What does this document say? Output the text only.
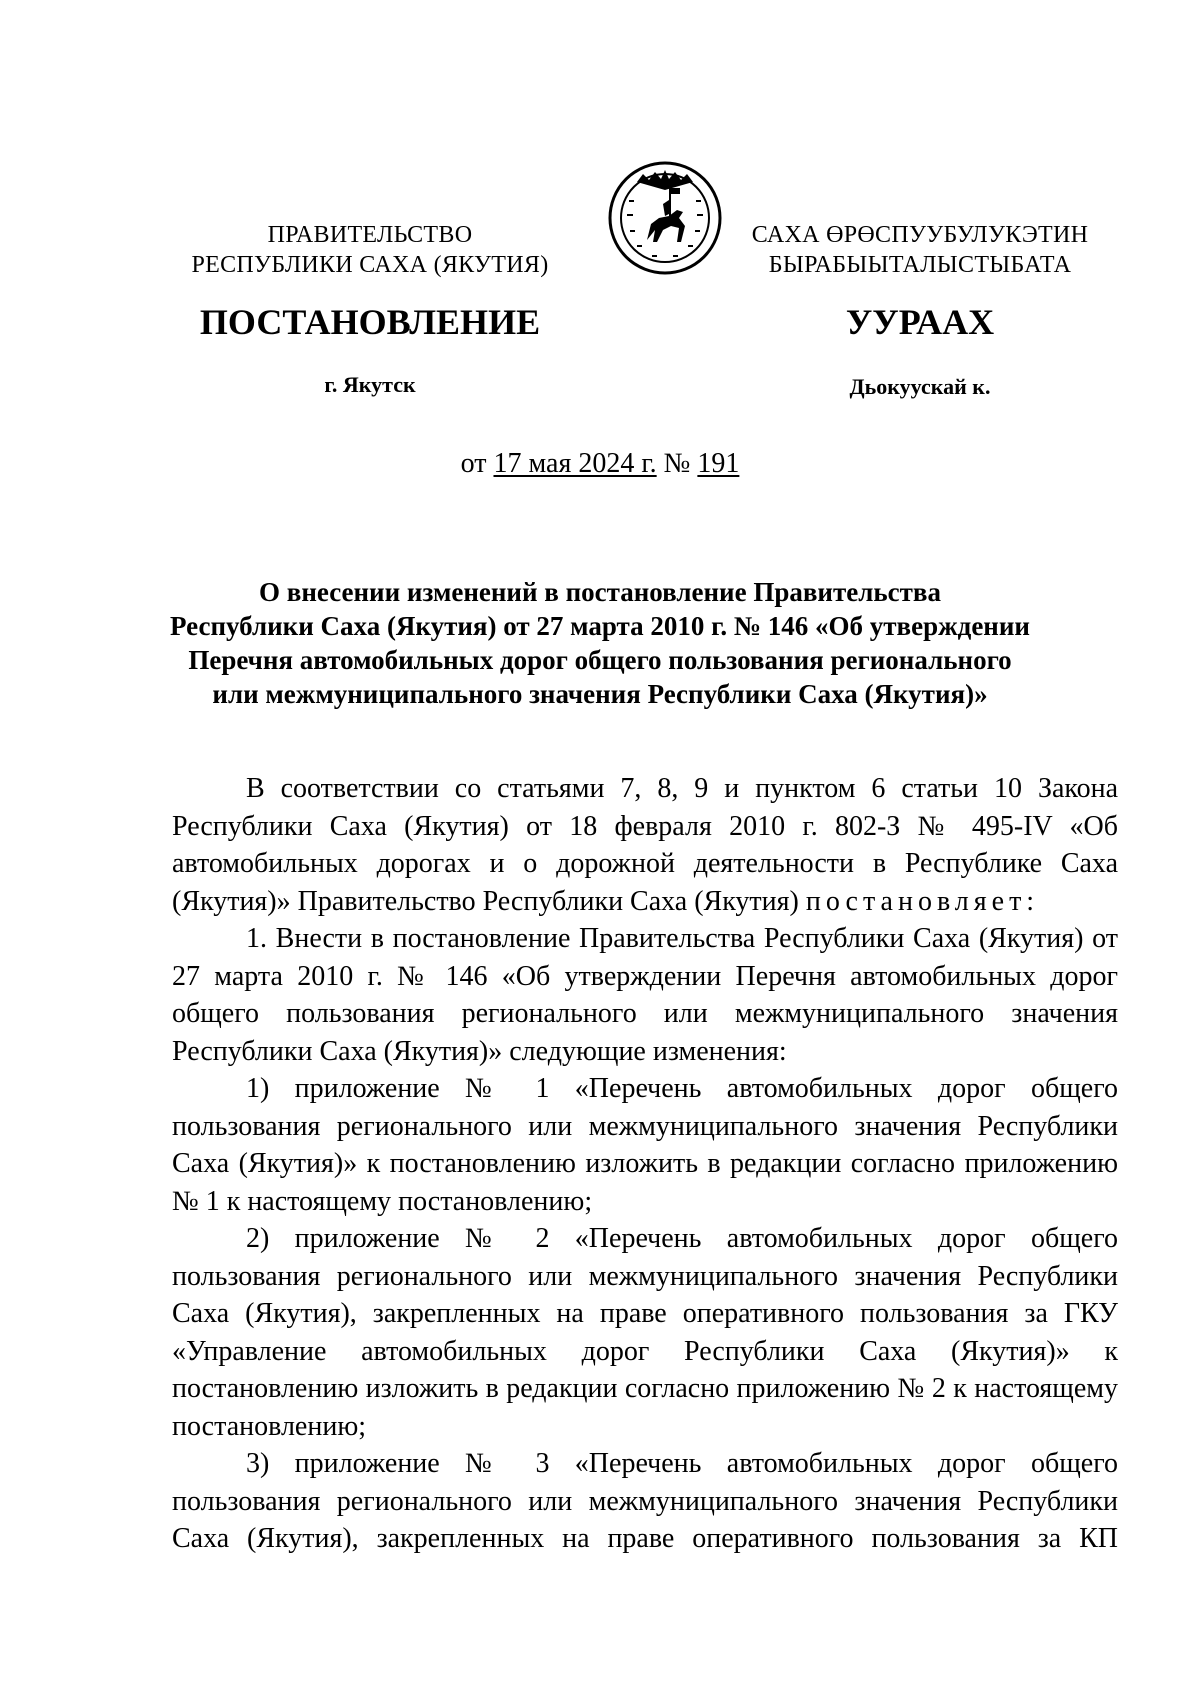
ПРАВИТЕЛЬСТВО
РЕСПУБЛИКИ САХА (ЯКУТИЯ)
САХА ӨРӨСПУУБУЛУКЭТИН
БЫРАБЫЫТАЛЫСТЫБАТА
ПОСТАНОВЛЕНИЕ	УУРААХ
г. Якутск	Дьокуускай к.
от 17 мая 2024 г. № 191
О внесении изменений в постановление Правительства
Республики Саха (Якутия) от 27 марта 2010 г. № 146 «Об утверждении
Перечня автомобильных дорог общего пользования регионального
или межмуниципального значения Республики Саха (Якутия)»

В соответствии со статьями 7, 8, 9 и пунктом 6 статьи 10 Закона Республики Саха (Якутия) от 18 февраля 2010 г. 802-З № 495-IV «Об автомобильных дорогах и о дорожной деятельности в Республике Саха (Якутия)» Правительство Республики Саха (Якутия) постановляет:

1. Внести в постановление Правительства Республики Саха (Якутия) от 27 марта 2010 г. № 146 «Об утверждении Перечня автомобильных дорог общего пользования регионального или межмуниципального значения Республики Саха (Якутия)» следующие изменения:

1) приложение № 1 «Перечень автомобильных дорог общего пользования регионального или межмуниципального значения Республики Саха (Якутия)» к постановлению изложить в редакции согласно приложению № 1 к настоящему постановлению;

2) приложение № 2 «Перечень автомобильных дорог общего пользования регионального или межмуниципального значения Республики Саха (Якутия), закрепленных на праве оперативного пользования за ГКУ «Управление автомобильных дорог Республики Саха (Якутия)» к постановлению изложить в редакции согласно приложению № 2 к настоящему постановлению;

3) приложение № 3 «Перечень автомобильных дорог общего пользования регионального или межмуниципального значения Республики Саха (Якутия), закрепленных на праве оперативного пользования за КП
